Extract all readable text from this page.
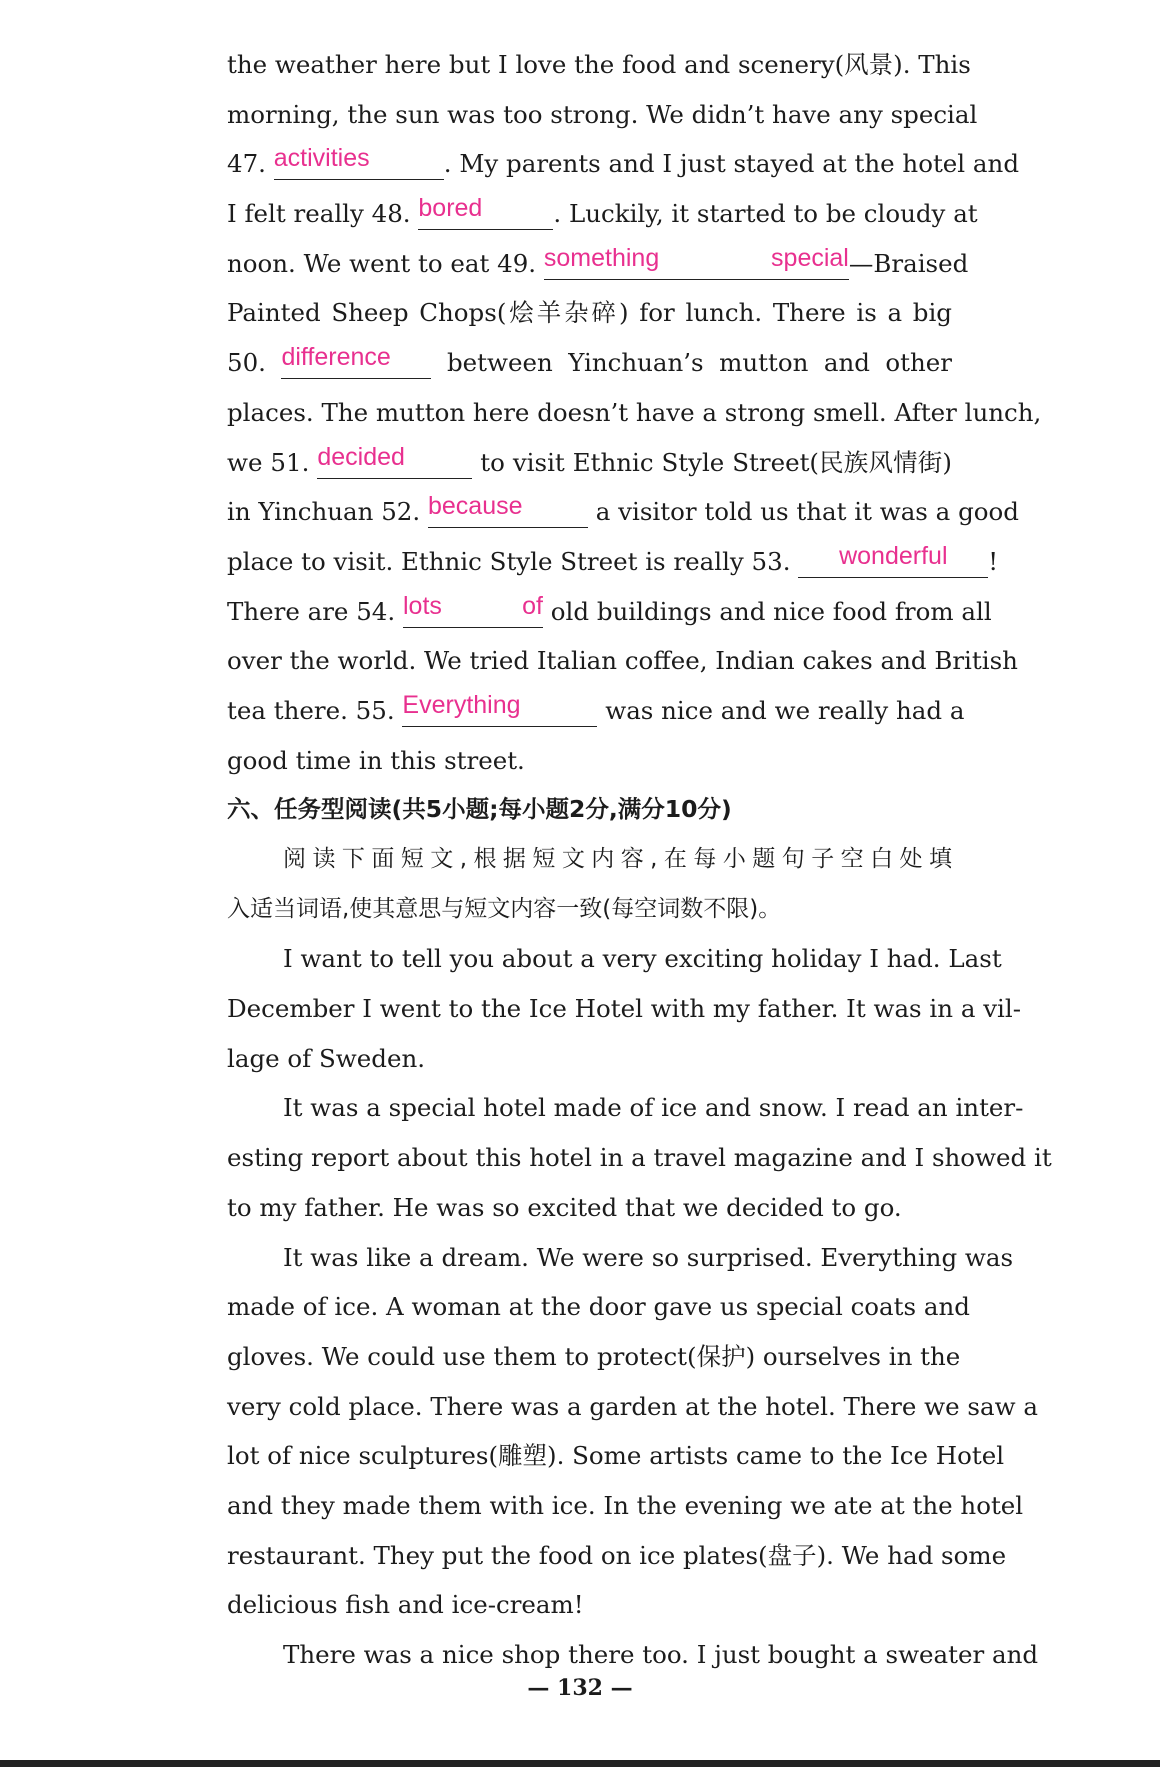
the weather here but I love the food and scenery(风景). This
morning, the sun was too strong. We didn’t have any special
47. activities	. My parents and I just stayed at the hotel and
I felt really 48. bored	. Luckily, it started to be cloudy at
noon. We went to eat 49. something special—Braised
Painted Sheep Chops(烩羊杂碎) for lunch. There is a big
50. difference between Yinchuan’s mutton and other
places. The mutton here doesn’t have a strong smell. After lunch,
we 51. decided	to visit Ethnic Style Street(民族风情街)
in Yinchuan 52. because	a visitor told us that it was a good
place to visit. Ethnic Style Street is really 53. wonderful !
There are 54. lots of old buildings and nice food from all
over the world. We tried Italian coffee, Indian cakes and British
tea there. 55. Everything	was nice and we really had a
good time in this street.
六、任务型阅读(共5小题;每小题2分,满分10分)
阅读下面短文,根据短文内容,在每小题句子空白处填
入适当词语,使其意思与短文内容一致(每空词数不限)。
I want to tell you about a very exciting holiday I had. Last
December I went to the Ice Hotel with my father. It was in a vil-
lage of Sweden.
It was a special hotel made of ice and snow. I read an inter-
esting report about this hotel in a travel magazine and I showed it
to my father. He was so excited that we decided to go.
It was like a dream. We were so surprised. Everything was
made of ice. A woman at the door gave us special coats and
gloves. We could use them to protect(保护) ourselves in the
very cold place. There was a garden at the hotel. There we saw a
lot of nice sculptures(雕塑). Some artists came to the Ice Hotel
and they made them with ice. In the evening we ate at the hotel
restaurant. They put the food on ice plates(盘子). We had some
delicious fish and ice-cream!
There was a nice shop there too. I just bought a sweater and
— 132 —
